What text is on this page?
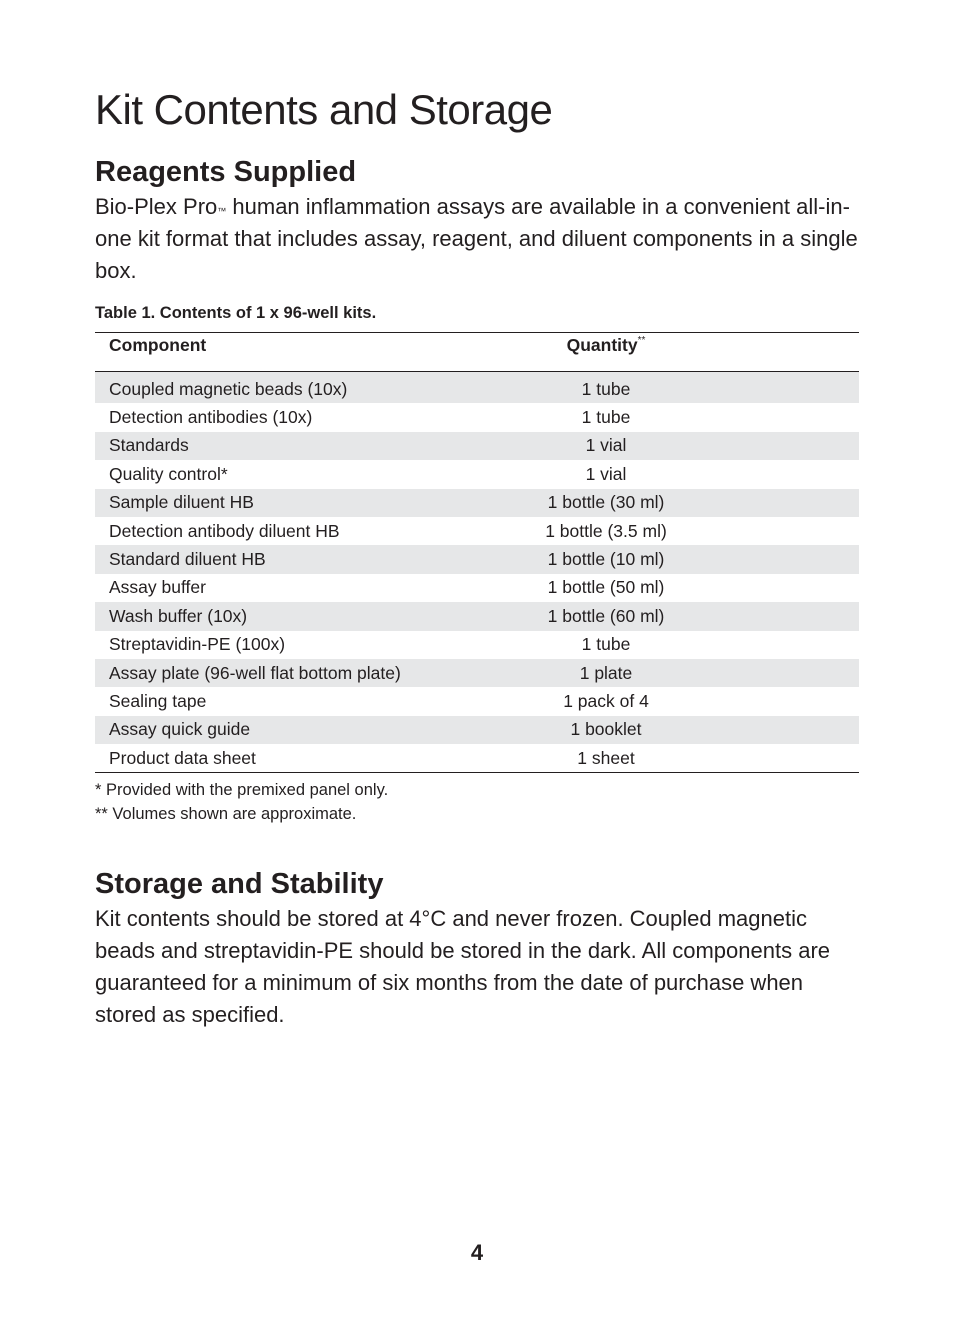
Kit Contents and Storage
Reagents Supplied

Bio-Plex Pro™ human inflammation assays are available in a convenient all-in-one kit format that includes assay, reagent, and diluent components in a single box.

Table 1. Contents of 1 x 96-well kits.

Component	Quantity**	
Coupled magnetic beads (10x)	1 tube	
Detection antibodies (10x)	1 tube	
Standards	1 vial	
Quality control*	1 vial	
Sample diluent HB	1 bottle (30 ml)	
Detection antibody diluent HB	1 bottle (3.5 ml)	
Standard diluent HB	1 bottle (10 ml)	
Assay buffer	1 bottle (50 ml)	
Wash buffer (10x)	1 bottle (60 ml)	
Streptavidin-PE (100x)	1 tube	
Assay plate (96-well flat bottom plate)	1 plate	
Sealing tape	1 pack of 4	
Assay quick guide	1 booklet	
Product data sheet	1 sheet	

* Provided with the premixed panel only.

** Volumes shown are approximate.

Storage and Stability

Kit contents should be stored at 4°C and never frozen. Coupled magnetic beads and streptavidin-PE should be stored in the dark. All components are guaranteed for a minimum of six months from the date of purchase when stored as specified.

4
